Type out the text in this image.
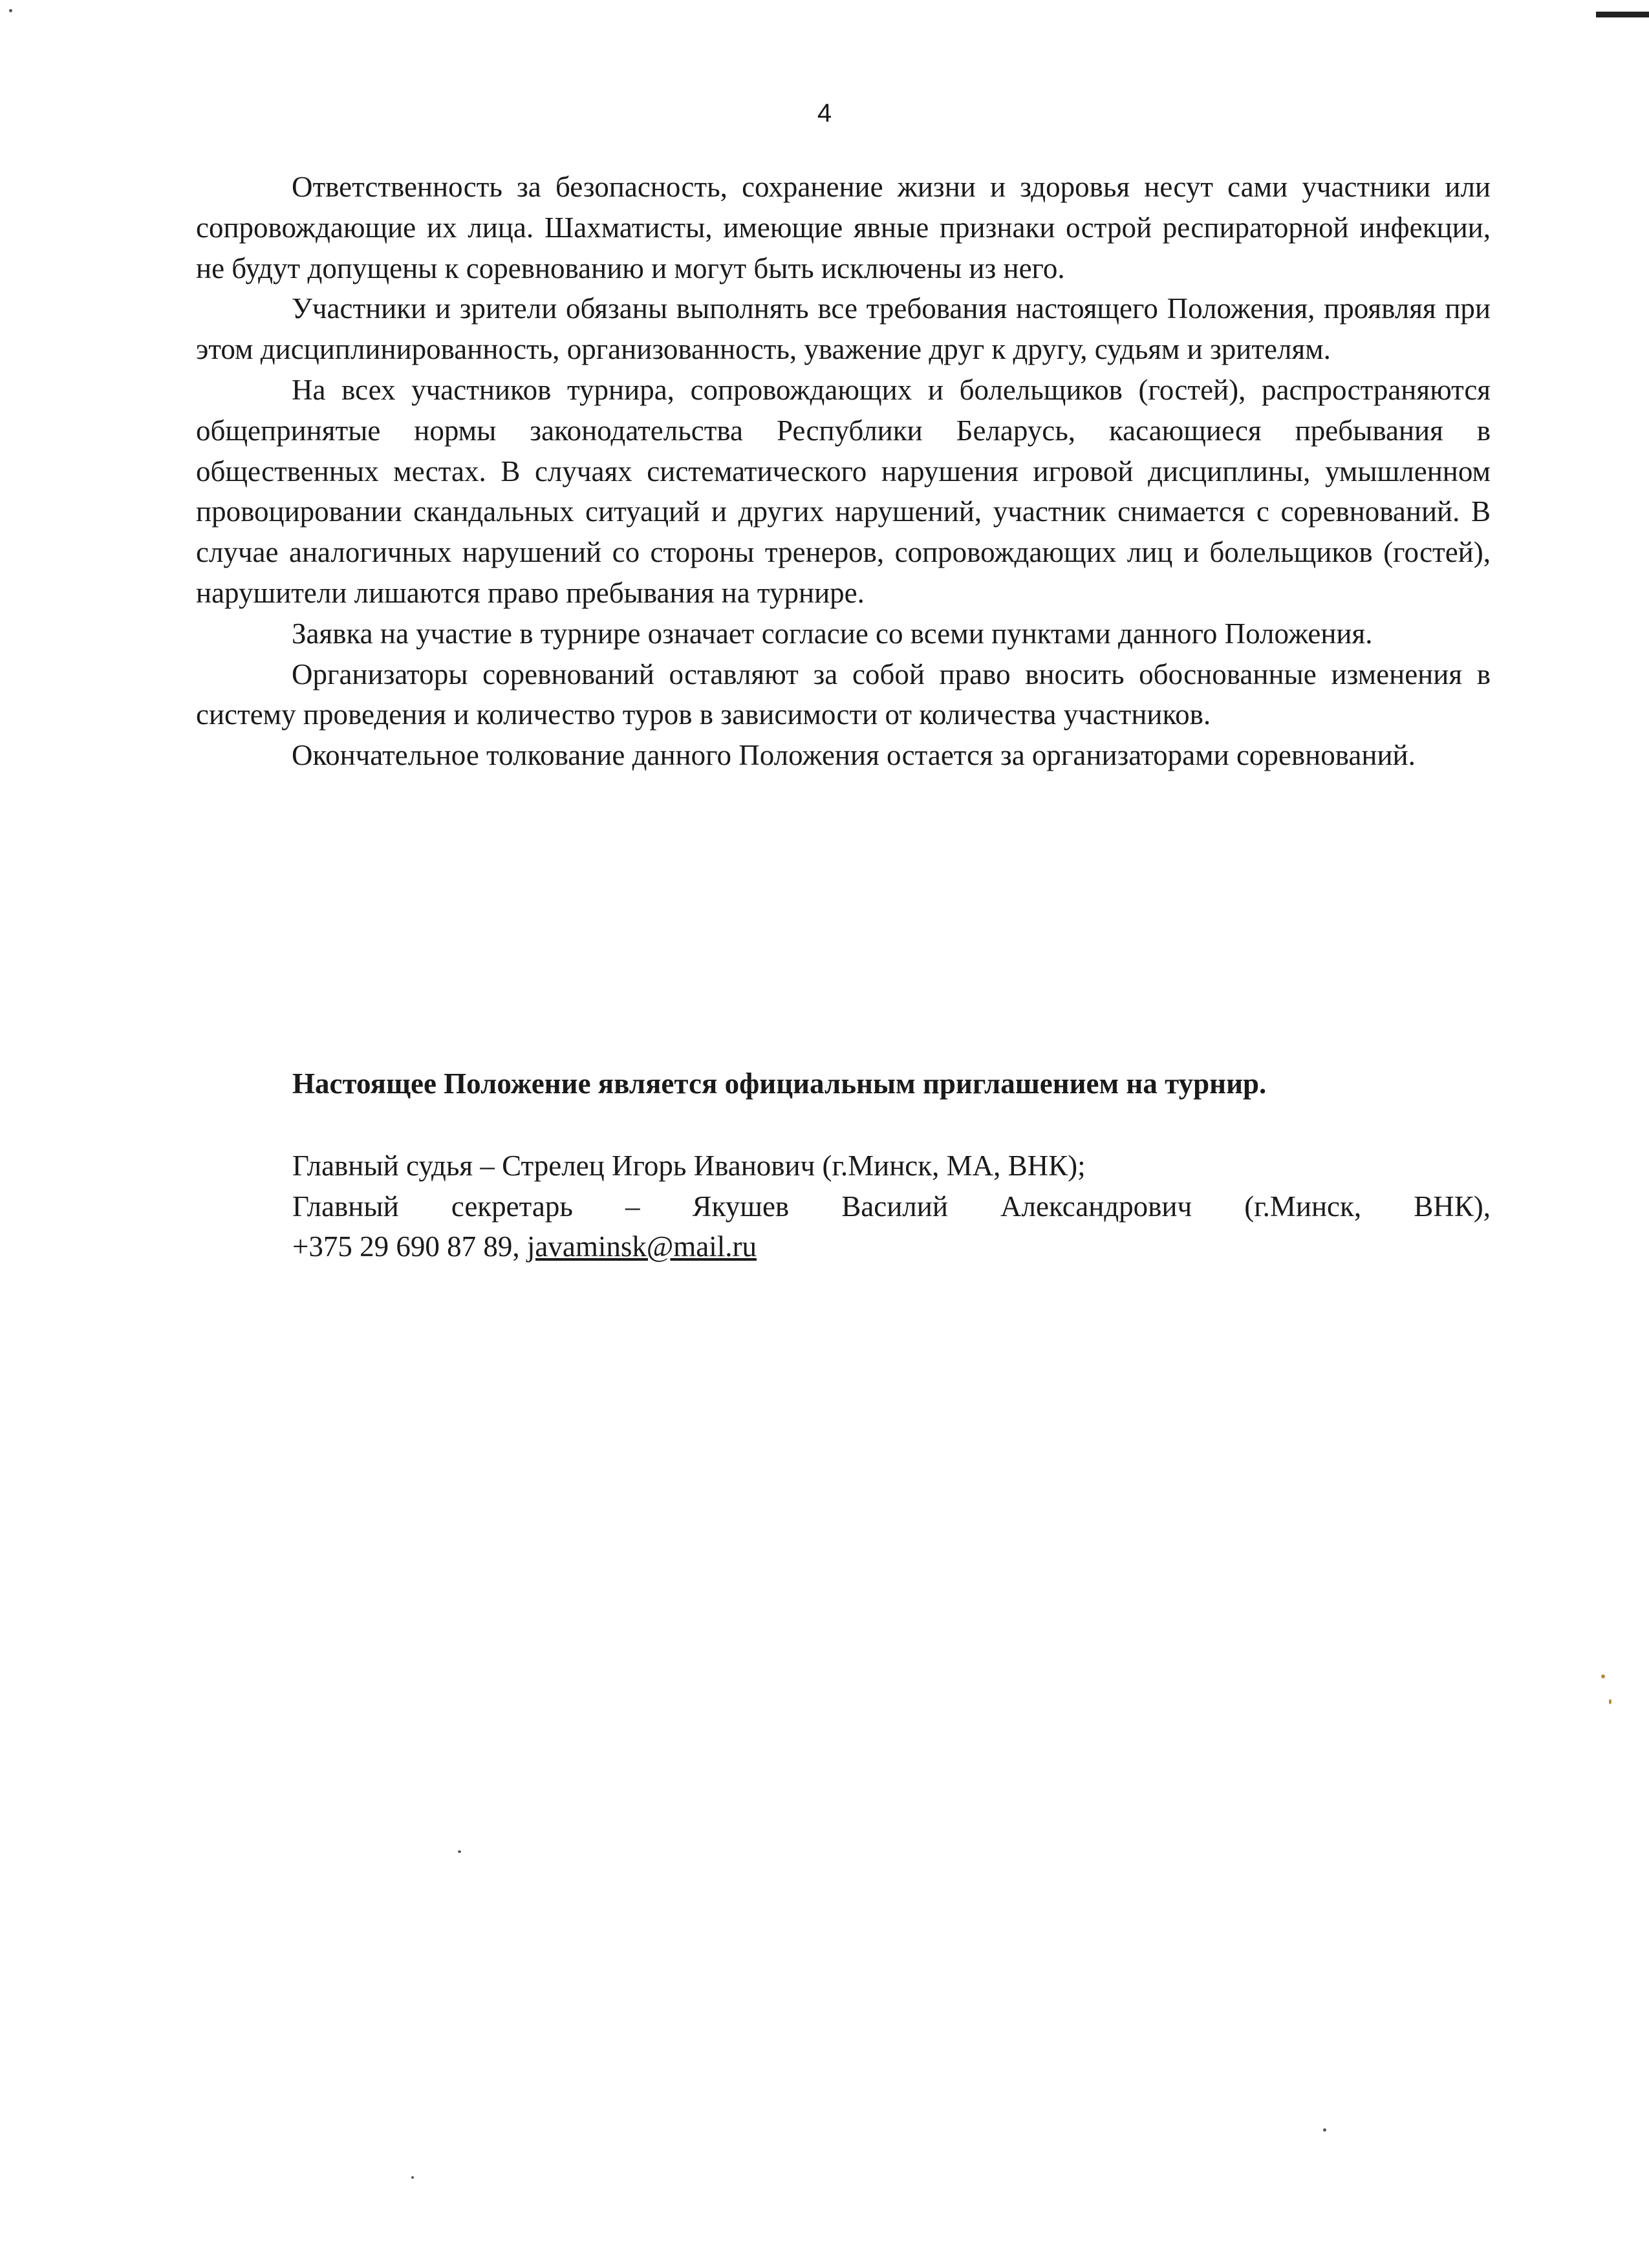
4

Ответственность за безопасность, сохранение жизни и здоровья несут сами участники или сопровождающие их лица. Шахматисты, имеющие явные признаки острой респираторной инфекции, не будут допущены к соревнованию и могут быть исключены из него.

Участники и зрители обязаны выполнять все требования настоящего Положения, проявляя при этом дисциплинированность, организованность, уважение друг к другу, судьям и зрителям.

На всех участников турнира, сопровождающих и болельщиков (гостей), распространяются общепринятые нормы законодательства Республики Беларусь, касающиеся пребывания в общественных местах. В случаях систематического нарушения игровой дисциплины, умышленном провоцировании скандальных ситуаций и других нарушений, участник снимается с соревнований. В случае аналогичных нарушений со стороны тренеров, сопровождающих лиц и болельщиков (гостей), нарушители лишаются право пребывания на турнире.

Заявка на участие в турнире означает согласие со всеми пунктами данного Положения.

Организаторы соревнований оставляют за собой право вносить обоснованные изменения в систему проведения и количество туров в зависимости от количества участников.

Окончательное толкование данного Положения остается за организаторами соревнований.

Настоящее Положение является официальным приглашением на турнир.
Главный судья – Стрелец Игорь Иванович (г.Минск, МА, ВНК);
Главный секретарь – Якушев Василий Александрович (г.Минск, ВНК),
+375 29 690 87 89, javaminsk@mail.ru
